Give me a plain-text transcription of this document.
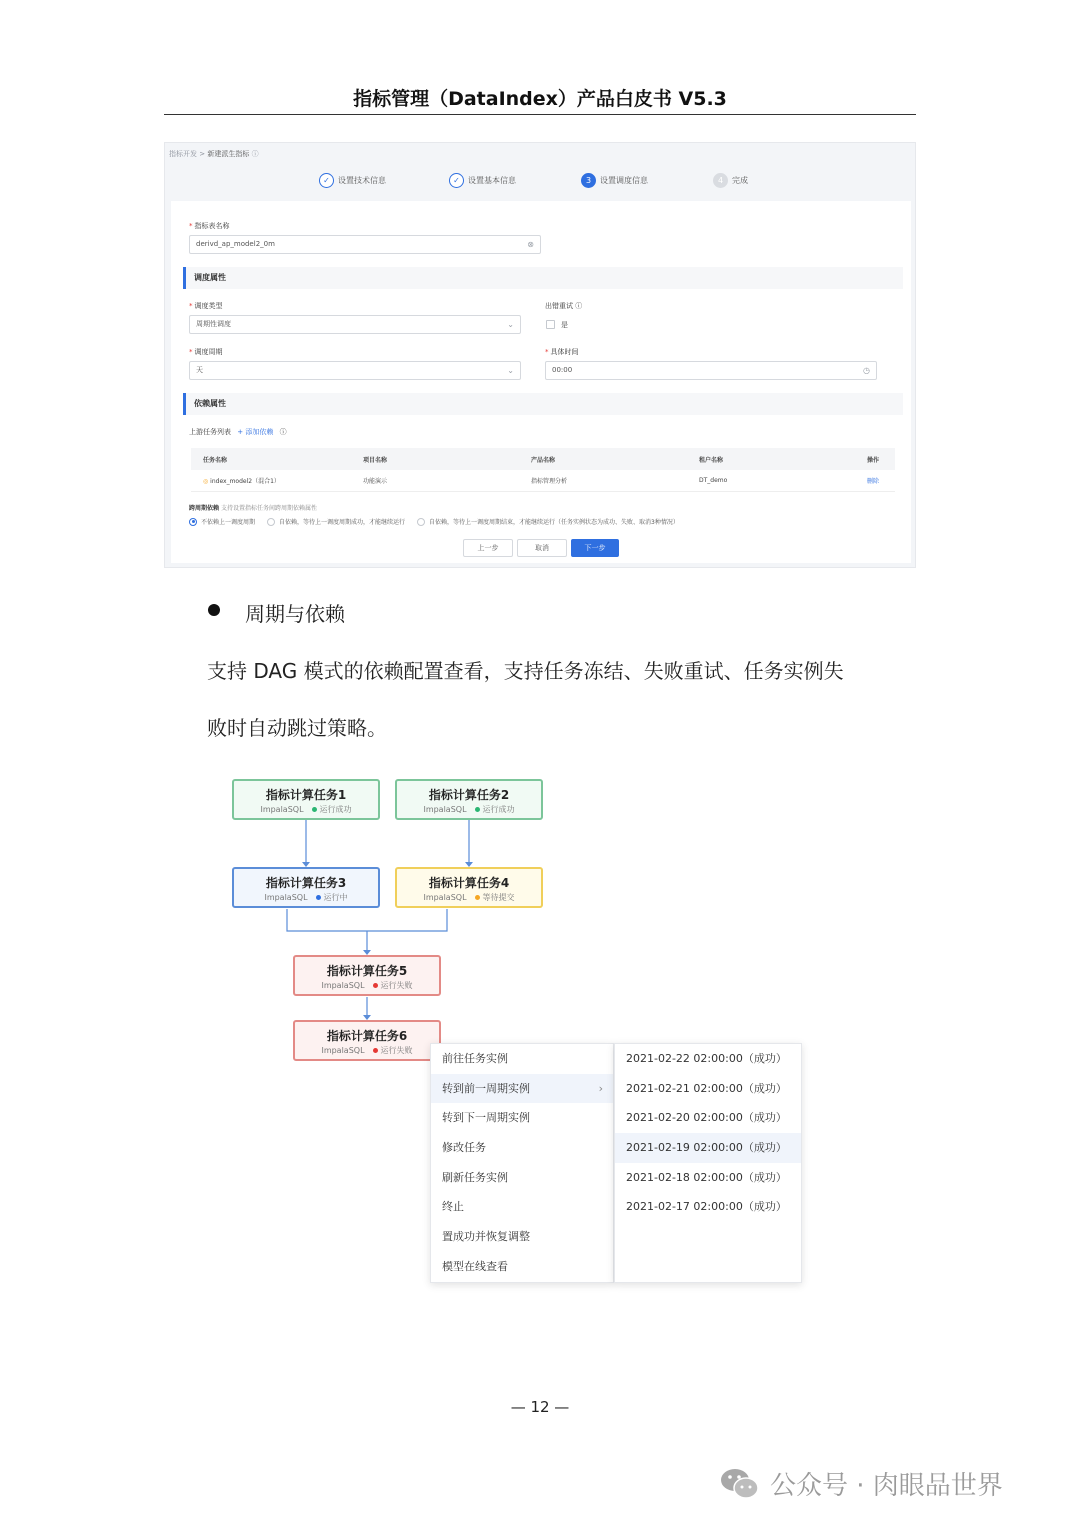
指标管理（DataIndex）产品白皮书 V5.3
指标开发 > 新建派生指标 ⓘ
✓	设置技术信息	✓	设置基本信息	3	设置调度信息	4	完成
* 指标表名称
derivd_ap_model2_0m	⊗
调度属性
* 调度类型
周期性调度	⌄
出错重试 ⓘ
是
* 调度周期
天	⌄
* 具体时间
00:00	◷
依赖属性
上游任务列表 + 添加依赖 ⓘ
任务名称	项目名称	产品名称	租户名称	操作
◎ index_model2（混合1）	功能演示	指标管理分析	DT_demo	删除
跨周期依赖 支持设置指标任务间跨周期依赖属性
不依赖上一调度周期	自依赖，等待上一调度周期成功，才能继续运行	自依赖，等待上一调度周期结束，才能继续运行（任务实例状态为成功、失败、取消3种情况）
上一步	取消	下一步
周期与依赖
支持 DAG 模式的依赖配置查看，支持任务冻结、失败重试、任务实例失
败时自动跳过策略。
指标计算任务1
ImpalaSQL 运行成功
指标计算任务2
ImpalaSQL 运行成功
指标计算任务3
ImpalaSQL 运行中
指标计算任务4
ImpalaSQL 等待提交
指标计算任务5
ImpalaSQL 运行失败
指标计算任务6
ImpalaSQL 运行失败
前往任务实例
转到前一周期实例	›
转到下一周期实例
修改任务
刷新任务实例
终止
置成功并恢复调整
模型在线查看
2021-02-22 02:00:00（成功）
2021-02-21 02:00:00（成功）
2021-02-20 02:00:00（成功）
2021-02-19 02:00:00（成功）
2021-02-18 02:00:00（成功）
2021-02-17 02:00:00（成功）
— 12 —
公众号 · 肉眼品世界
